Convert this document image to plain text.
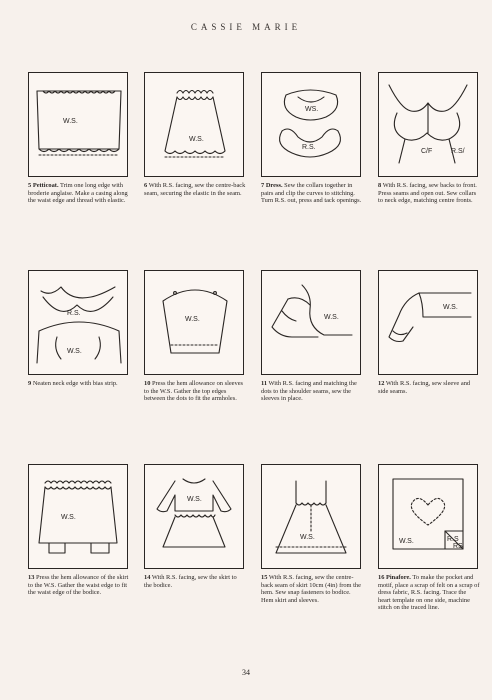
CASSIE MARIE
W.S.
5 Petticoat. Trim one long edge with broderie anglaise. Make a casing along the waist edge and thread with elastic.
W.S.
6 With R.S. facing, sew the centre-back seam, securing the elastic in the seam.
WS.
R.S.
7 Dress. Sew the collars together in pairs and clip the curves to stitching. Turn R.S. out, press and tack openings.
C/F	R.S/
8 With R.S. facing, sew backs to front. Press seams and open out. Sew collars to neck edge, matching centre fronts.
R.S.
W.S.
9 Neaten neck edge with bias strip.
W.S.
10 Press the hem allowance on sleeves to the W.S. Gather the top edges between the dots to fit the armholes.
W.S.
11 With R.S. facing and matching the dots to the shoulder seams, sew the sleeves in place.
W.S.
12 With R.S. facing, sew sleeve and side seams.
W.S.
13 Press the hem allowance of the skirt to the W.S. Gather the waist edge to fit the waist edge of the bodice.
W.S.
14 With R.S. facing, sew the skirt to the bodice.
W.S.
15 With R.S. facing, sew the centre-back seam of skirt 10cm (4in) from the hem. Sew snap fasteners to bodice. Hem skirt and sleeves.
W.S.	R.S
RS
16 Pinafore. To make the pocket and motif, place a scrap of felt on a scrap of dress fabric, R.S. facing. Trace the heart template on one side, machine stitch on the traced line.
34
